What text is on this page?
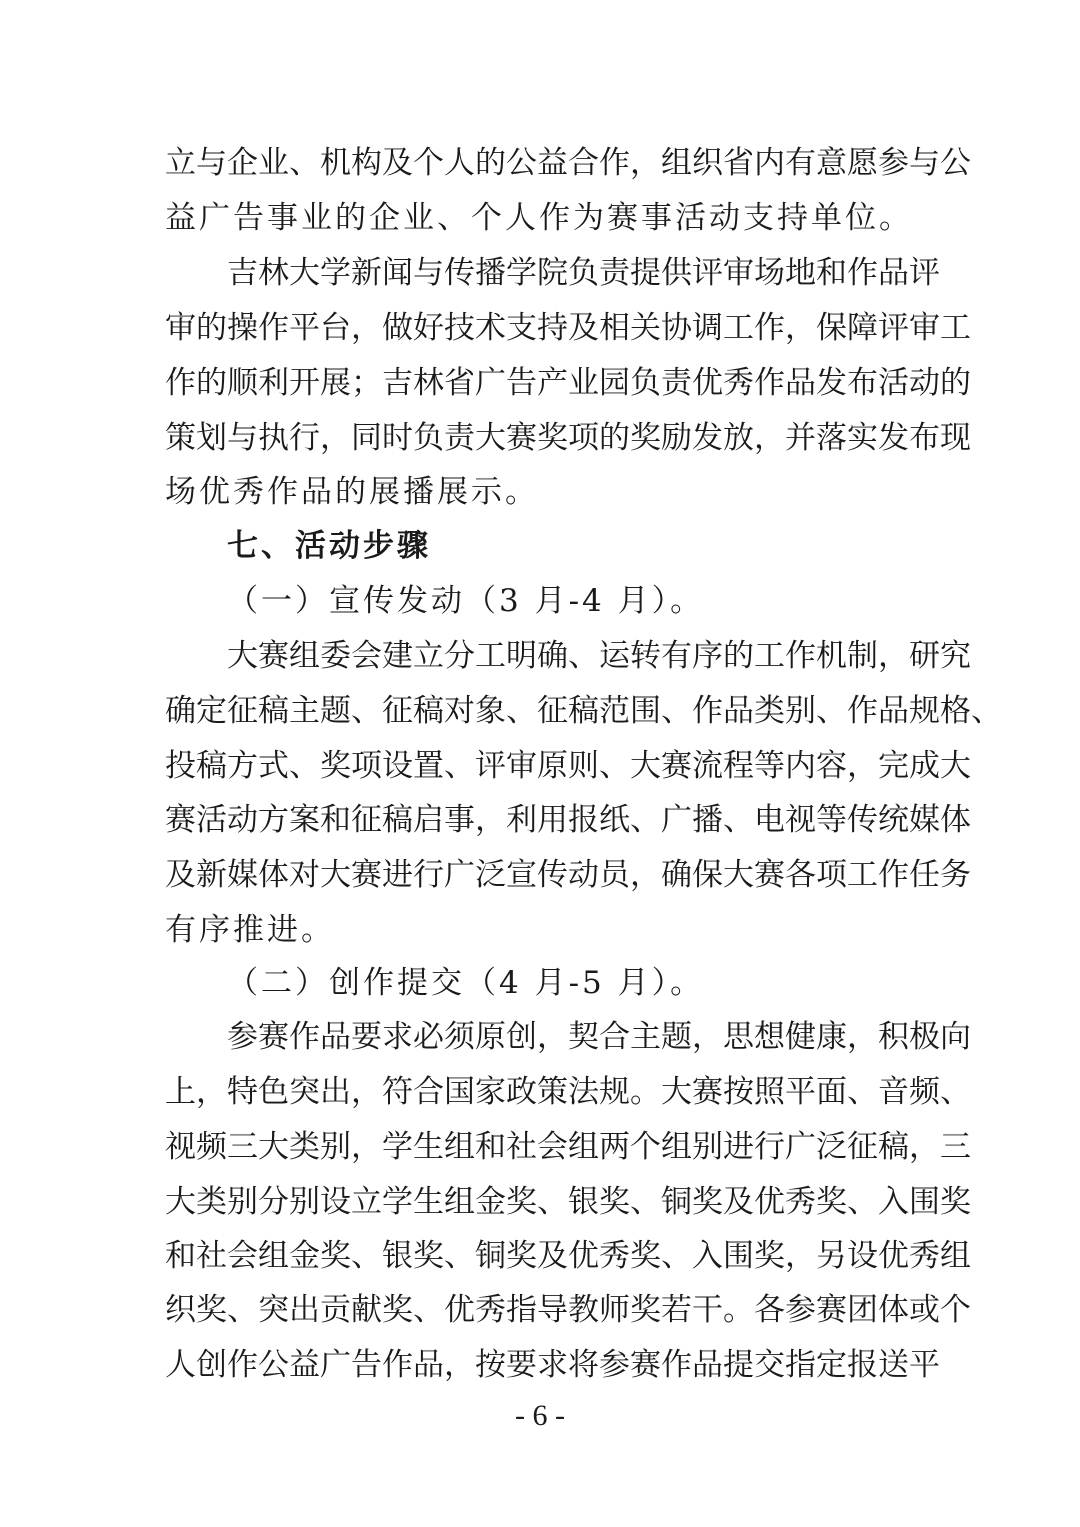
立与企业、机构及个人的公益合作，组织省内有意愿参与公
益广告事业的企业、个人作为赛事活动支持单位。
吉林大学新闻与传播学院负责提供评审场地和作品评
审的操作平台，做好技术支持及相关协调工作，保障评审工
作的顺利开展；吉林省广告产业园负责优秀作品发布活动的
策划与执行，同时负责大赛奖项的奖励发放，并落实发布现
场优秀作品的展播展示。
七、活动步骤
（一）宣传发动（3 月-4 月）。
大赛组委会建立分工明确、运转有序的工作机制，研究
确定征稿主题、征稿对象、征稿范围、作品类别、作品规格、
投稿方式、奖项设置、评审原则、大赛流程等内容，完成大
赛活动方案和征稿启事，利用报纸、广播、电视等传统媒体
及新媒体对大赛进行广泛宣传动员，确保大赛各项工作任务
有序推进。
（二）创作提交（4 月-5 月）。
参赛作品要求必须原创，契合主题，思想健康，积极向
上，特色突出，符合国家政策法规。大赛按照平面、音频、
视频三大类别，学生组和社会组两个组别进行广泛征稿，三
大类别分别设立学生组金奖、银奖、铜奖及优秀奖、入围奖
和社会组金奖、银奖、铜奖及优秀奖、入围奖，另设优秀组
织奖、突出贡献奖、优秀指导教师奖若干。各参赛团体或个
人创作公益广告作品，按要求将参赛作品提交指定报送平
- 6 -
